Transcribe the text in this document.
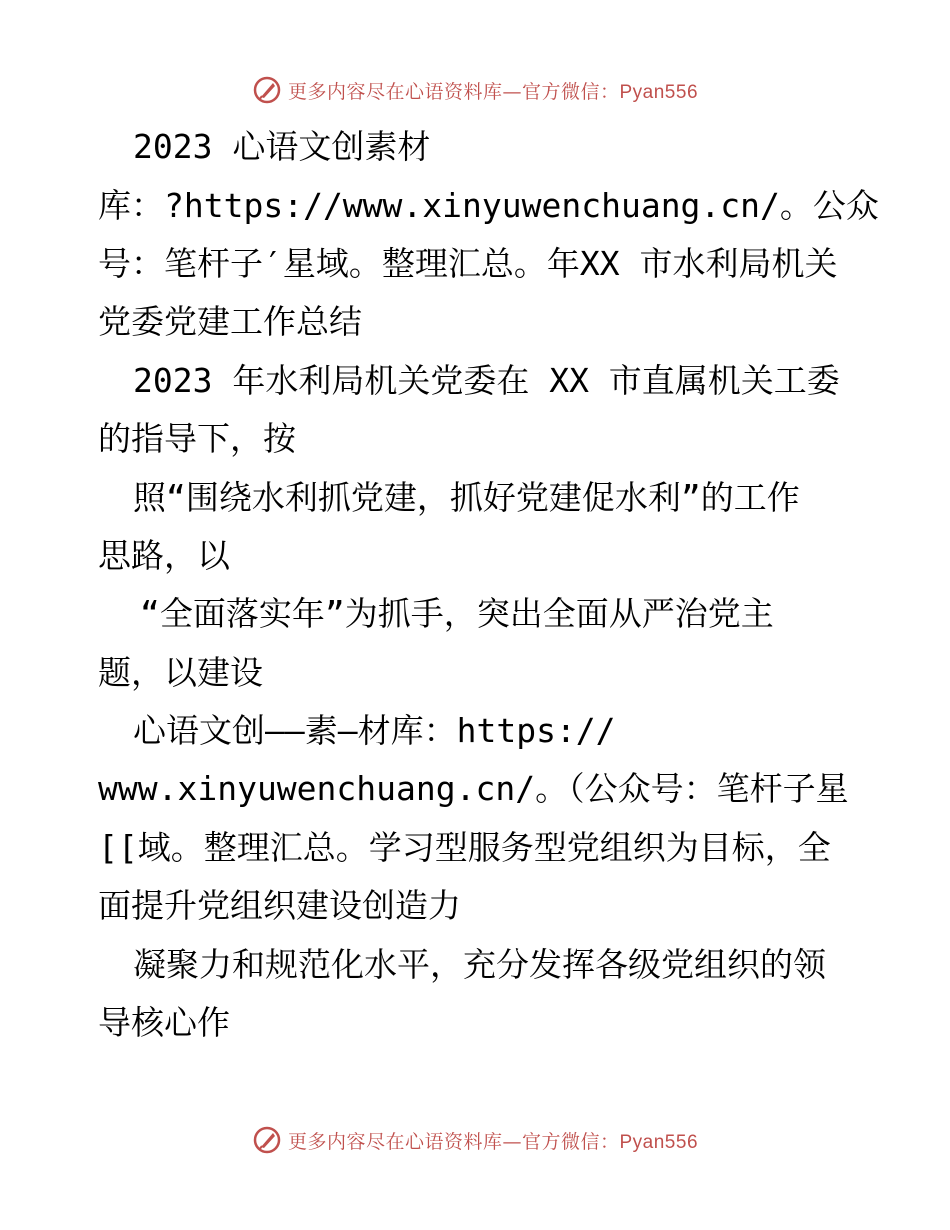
更多内容尽在心语资料库—官方微信：Pyan556
2023 心语文创素材
库：?https://www.xinyuwenchuang.cn/。公众
号：笔杆子′星域。整理汇总。年XX 市水利局机关
党委党建工作总结
2023 年水利局机关党委在 XX 市直属机关工委
的指导下，按
照“围绕水利抓党建，抓好党建促水利”的工作
思路，以
“全面落实年”为抓手，突出全面从严治党主
题，以建设
心语文创——素—材库：https://
www.xinyuwenchuang.cn/。（公众号：笔杆子星
[[域。整理汇总。学习型服务型党组织为目标，全
面提升党组织建设创造力
凝聚力和规范化水平，充分发挥各级党组织的领
导核心作
更多内容尽在心语资料库—官方微信：Pyan556
